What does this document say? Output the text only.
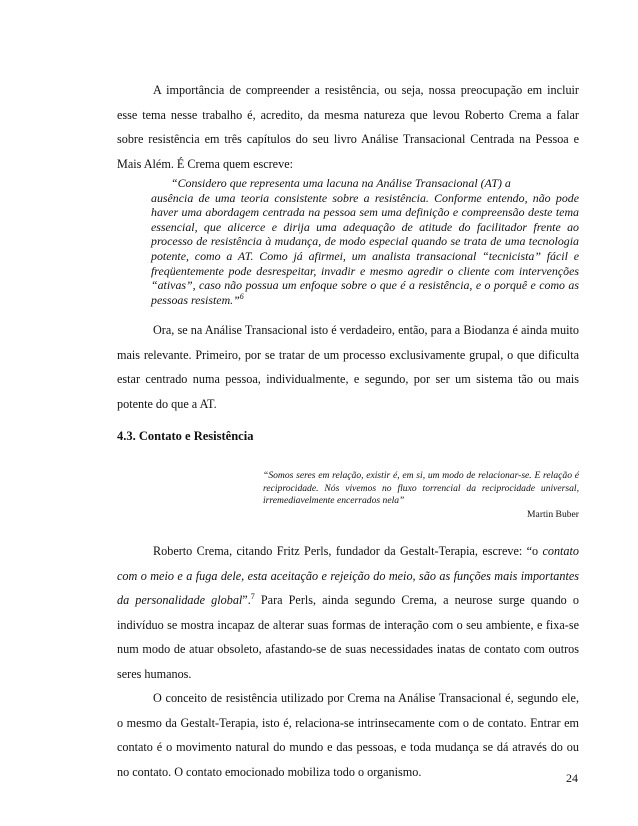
A importância de compreender a resistência, ou seja, nossa preocupação em incluir esse tema nesse trabalho é, acredito, da mesma natureza que levou Roberto Crema a falar sobre resistência em três capítulos do seu livro Análise Transacional Centrada na Pessoa e Mais Além. É Crema quem escreve:

“Considero que representa uma lacuna na Análise Transacional (AT) a
ausência de uma teoria consistente sobre a resistência. Conforme entendo, não pode haver uma abordagem centrada na pessoa sem uma definição e compreensão deste tema essencial, que alicerce e dirija uma adequação de atitude do facilitador frente ao processo de resistência à mudança, de modo especial quando se trata de uma tecnologia potente, como a AT. Como já afirmei, um analista transacional “tecnicista” fácil e freqüentemente pode desrespeitar, invadir e mesmo agredir o cliente com intervenções “ativas”, caso não possua um enfoque sobre o que é a resistência, e o porquê e como as pessoas resistem.”$^6$

Ora, se na Análise Transacional isto é verdadeiro, então, para a Biodanza é ainda muito mais relevante. Primeiro, por se tratar de um processo exclusivamente grupal, o que dificulta estar centrado numa pessoa, individualmente, e segundo, por ser um sistema tão ou mais potente do que a AT.

4.3. Contato e Resistência
“Somos seres em relação, existir é, em si, um modo de relacionar-se. E relação é reciprocidade. Nós vivemos no fluxo torrencial da reciprocidade universal, irremediavelmente encerrados nela”
Martin Buber

Roberto Crema, citando Fritz Perls, fundador da Gestalt-Terapia, escreve: “o contato com o meio e a fuga dele, esta aceitação e rejeição do meio, são as funções mais importantes da personalidade global”.$^7$ Para Perls, ainda segundo Crema, a neurose surge quando o indivíduo se mostra incapaz de alterar suas formas de interação com o seu ambiente, e fixa-se num modo de atuar obsoleto, afastando-se de suas necessidades inatas de contato com outros seres humanos.

O conceito de resistência utilizado por Crema na Análise Transacional é, segundo ele, o mesmo da Gestalt-Terapia, isto é, relaciona-se intrinsecamente com o de contato. Entrar em contato é o movimento natural do mundo e das pessoas, e toda mudança se dá através do ou no contato. O contato emocionado mobiliza todo o organismo.	24
